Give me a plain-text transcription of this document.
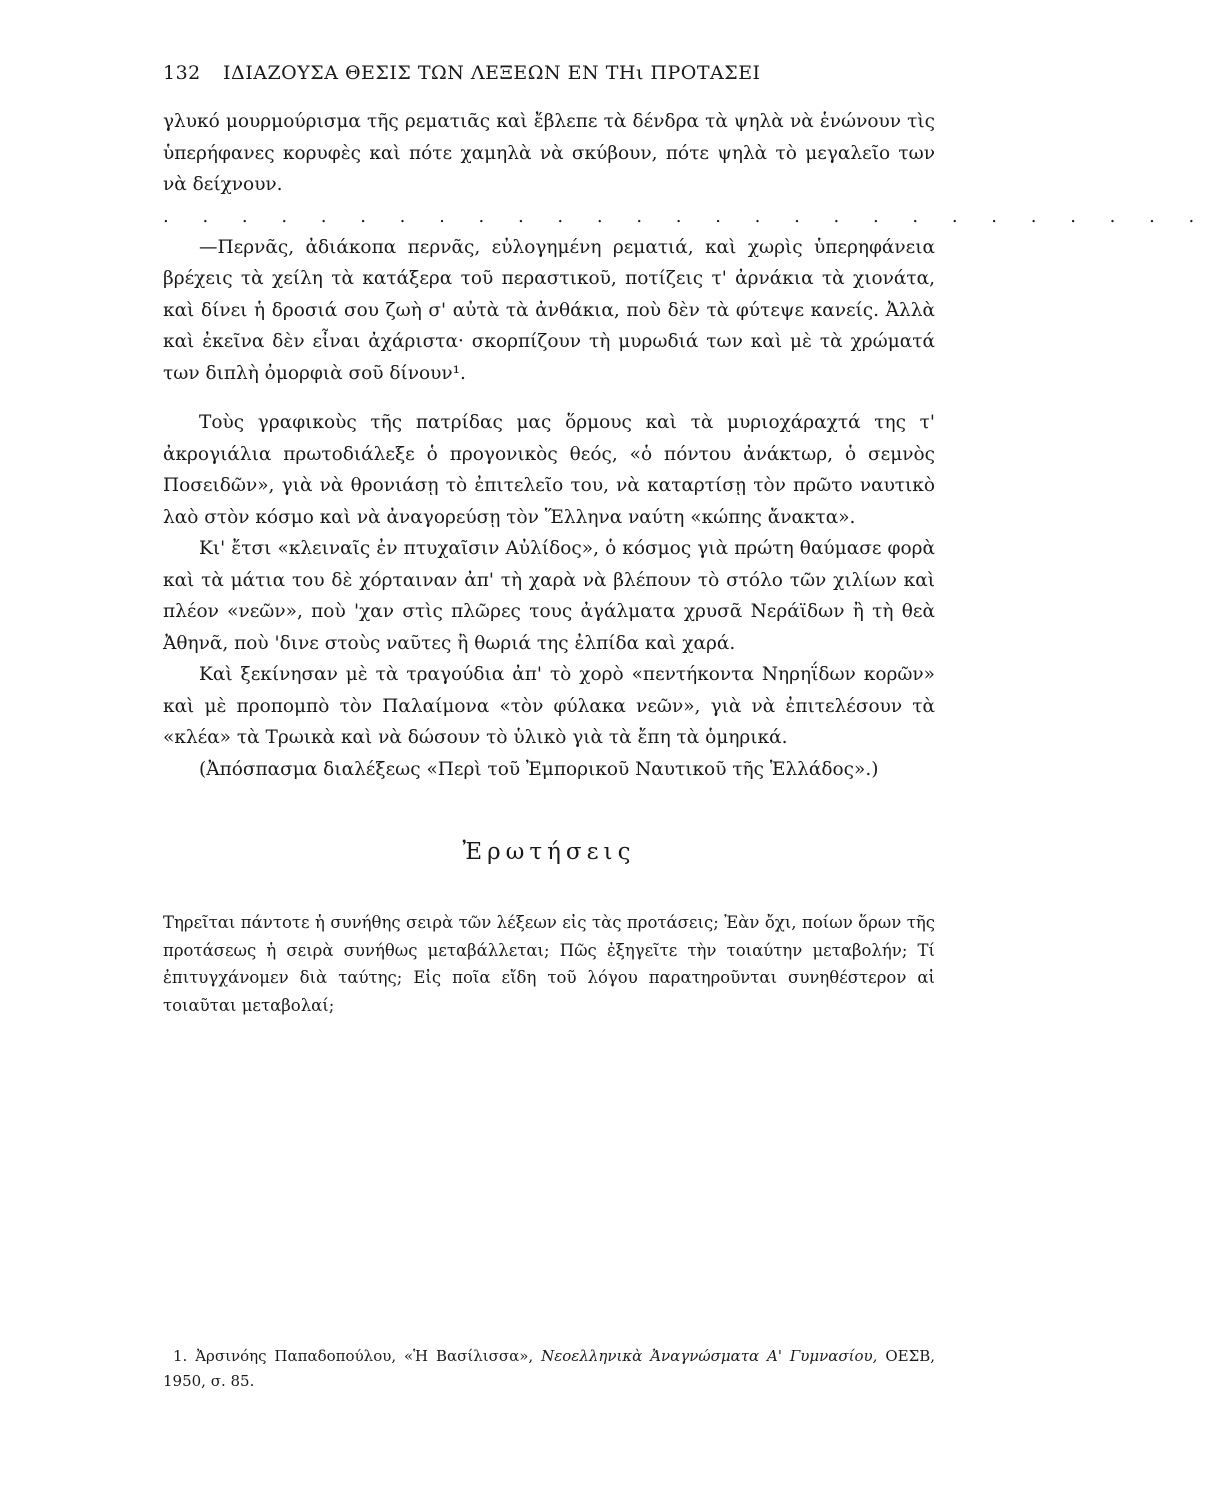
132	ΙΔΙΑΖΟΥΣΑ ΘΕΣΙΣ ΤΩΝ ΛΕΞΕΩΝ ΕΝ ΤΗι ΠΡΟΤΑΣΕΙ

γλυκό μουρμούρισμα τῆς ρεματιᾶς καὶ ἔβλεπε τὰ δένδρα τὰ ψηλὰ νὰ ἑνώνουν τὶς ὑπερήφανες κορυφὲς καὶ πότε χαμηλὰ νὰ σκύβουν, πότε ψηλὰ τὸ μεγαλεῖο των νὰ δείχνουν.

. . . . . . . . . . . . . . . . . . . . . . . . . . .

—Περνᾶς, ἀδιάκοπα περνᾶς, εὐλογημένη ρεματιά, καὶ χωρὶς ὑπερηφάνεια βρέχεις τὰ χείλη τὰ κατάξερα τοῦ περαστικοῦ, ποτίζεις τ' ἀρνάκια τὰ χιονάτα, καὶ δίνει ἡ δροσιά σου ζωὴ σ' αὐτὰ τὰ ἀνθάκια, ποὺ δὲν τὰ φύτεψε κανείς. Ἀλλὰ καὶ ἐκεῖνα δὲν εἶναι ἀχάριστα· σκορπίζουν τὴ μυρωδιά των καὶ μὲ τὰ χρώματά των διπλὴ ὀμορφιὰ σοῦ δίνουν¹.

Τοὺς γραφικοὺς τῆς πατρίδας μας ὅρμους καὶ τὰ μυριοχάραχτά της τ' ἀκρογιάλια πρωτοδιάλεξε ὁ προγονικὸς θεός, «ὁ πόντου ἀνάκτωρ, ὁ σεμνὸς Ποσειδῶν», γιὰ νὰ θρονιάσῃ τὸ ἐπιτελεῖο του, νὰ καταρτίσῃ τὸν πρῶτο ναυτικὸ λαὸ στὸν κόσμο καὶ νὰ ἀναγορεύσῃ τὸν Ἕλληνα ναύτη «κώπης ἄνακτα».

Κι' ἔτσι «κλειναῖς ἐν πτυχαῖσιν Αὐλίδος», ὁ κόσμος γιὰ πρώτη θαύμασε φορὰ καὶ τὰ μάτια του δὲ χόρταιναν ἀπ' τὴ χαρὰ νὰ βλέπουν τὸ στόλο τῶν χιλίων καὶ πλέον «νεῶν», ποὺ 'χαν στὶς πλῶρες τους ἀγάλματα χρυσᾶ Νεράϊδων ἢ τὴ θεὰ Ἀθηνᾶ, ποὺ 'δινε στοὺς ναῦτες ἢ θωριά της ἐλπίδα καὶ χαρά.

Καὶ ξεκίνησαν μὲ τὰ τραγούδια ἀπ' τὸ χορὸ «πεντήκοντα Νηρηΐδων κορῶν» καὶ μὲ προπομπὸ τὸν Παλαίμονα «τὸν φύλακα νεῶν», γιὰ νὰ ἐπιτελέσουν τὰ «κλέα» τὰ Τρωικὰ καὶ νὰ δώσουν τὸ ὑλικὸ γιὰ τὰ ἔπη τὰ ὁμηρικά.

(Ἀπόσπασμα διαλέξεως «Περὶ τοῦ Ἐμπορικοῦ Ναυτικοῦ τῆς Ἑλλάδος».)

Ἐρωτήσεις

Τηρεῖται πάντοτε ἡ συνήθης σειρὰ τῶν λέξεων εἰς τὰς προτάσεις; Ἐὰν ὄχι, ποίων ὅρων τῆς προτάσεως ἡ σειρὰ συνήθως μεταβάλλεται; Πῶς ἐξηγεῖτε τὴν τοιαύτην μεταβολήν; Τί ἐπιτυγχάνομεν διὰ ταύτης; Εἰς ποῖα εἴδη τοῦ λόγου παρατηροῦνται συνηθέστερον αἱ τοιαῦται μεταβολαί;

1. Ἀρσινόης Παπαδοπούλου, «Ἡ Βασίλισσα», Νεοελληνικὰ Ἀναγνώσματα Α' Γυμνασίου, ΟΕΣΒ, 1950, σ. 85.
